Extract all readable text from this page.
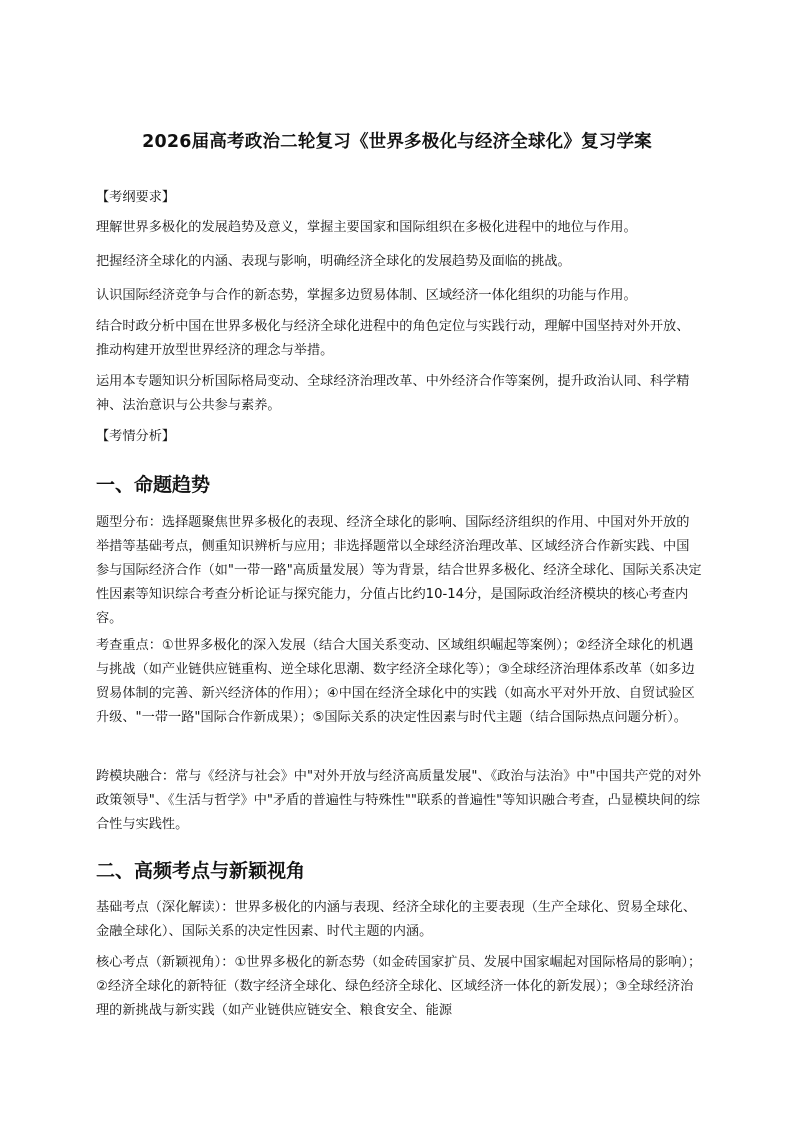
2026届高考政治二轮复习《世界多极化与经济全球化》复习学案

【考纲要求】

理解世界多极化的发展趋势及意义，掌握主要国家和国际组织在多极化进程中的地位与作用。

把握经济全球化的内涵、表现与影响，明确经济全球化的发展趋势及面临的挑战。

认识国际经济竞争与合作的新态势，掌握多边贸易体制、区域经济一体化组织的功能与作用。

结合时政分析中国在世界多极化与经济全球化进程中的角色定位与实践行动，理解中国坚持对外开放、推动构建开放型世界经济的理念与举措。

运用本专题知识分析国际格局变动、全球经济治理改革、中外经济合作等案例，提升政治认同、科学精神、法治意识与公共参与素养。

【考情分析】

一、命题趋势

题型分布：选择题聚焦世界多极化的表现、经济全球化的影响、国际经济组织的作用、中国对外开放的举措等基础考点，侧重知识辨析与应用；非选择题常以全球经济治理改革、区域经济合作新实践、中国参与国际经济合作（如"一带一路"高质量发展）等为背景，结合世界多极化、经济全球化、国际关系决定性因素等知识综合考查分析论证与探究能力，分值占比约10-14分，是国际政治经济模块的核心考查内容。

考查重点：①世界多极化的深入发展（结合大国关系变动、区域组织崛起等案例）；②经济全球化的机遇与挑战（如产业链供应链重构、逆全球化思潮、数字经济全球化等）；③全球经济治理体系改革（如多边贸易体制的完善、新兴经济体的作用）；④中国在经济全球化中的实践（如高水平对外开放、自贸试验区升级、"一带一路"国际合作新成果）；⑤国际关系的决定性因素与时代主题（结合国际热点问题分析）。

跨模块融合：常与《经济与社会》中"对外开放与经济高质量发展"、《政治与法治》中"中国共产党的对外政策领导"、《生活与哲学》中"矛盾的普遍性与特殊性""联系的普遍性"等知识融合考查，凸显模块间的综合性与实践性。

二、高频考点与新颖视角

基础考点（深化解读）：世界多极化的内涵与表现、经济全球化的主要表现（生产全球化、贸易全球化、金融全球化）、国际关系的决定性因素、时代主题的内涵。

核心考点（新颖视角）：①世界多极化的新态势（如金砖国家扩员、发展中国家崛起对国际格局的影响）；②经济全球化的新特征（数字经济全球化、绿色经济全球化、区域经济一体化的新发展）；③全球经济治理的新挑战与新实践（如产业链供应链安全、粮食安全、能源
